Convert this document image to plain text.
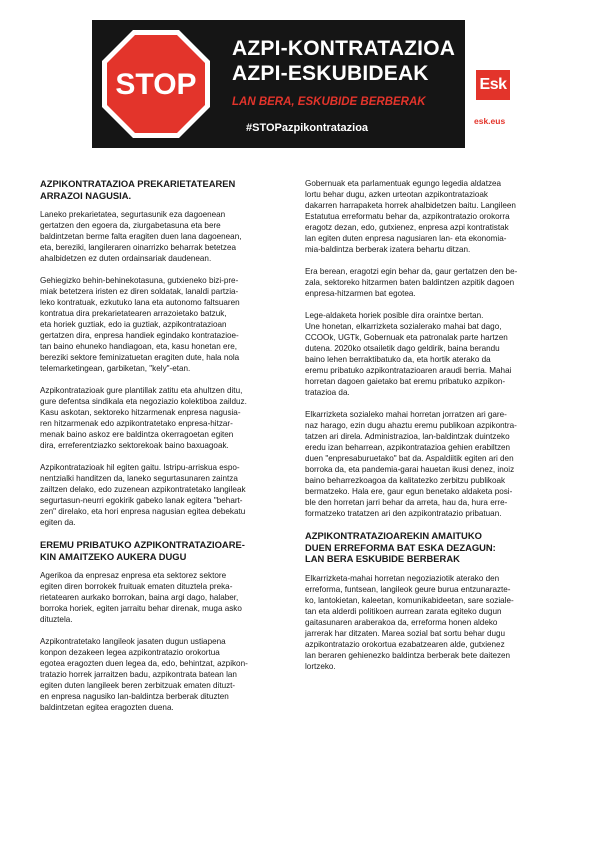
STOP
AZPI-KONTRATAZIOA
AZPI-ESKUBIDEAK
LAN BERA, ESKUBIDE BERBERAK
#STOPazpikontratazioa
Esk
esk.eus
AZPIKONTRATAZIOA PREKARIETATEAREN
ARRAZOI NAGUSIA.

Laneko prekarietatea, segurtasunik eza dagoenean
gertatzen den egoera da, ziurgabetasuna eta bere
baldintzetan berme falta eragiten duen lana dagoenean,
eta, bereziki, langileraren oinarrizko beharrak betetzea
ahalbidetzen ez duten ordainsariak daudenean.

Gehiegizko behin-behinekotasuna, gutxieneko bizi-pre-
miak betetzera iristen ez diren soldatak, lanaldi partzia-
leko kontratuak, ezkutuko lana eta autonomo faltsuaren
kontratua dira prekarietatearen arrazoietako batzuk,
eta horiek guztiak, edo ia guztiak, azpikontratazioan
gertatzen dira, enpresa handiek egindako kontratazioe-
tan baino ehuneko handiagoan, eta, kasu honetan ere,
bereziki sektore feminizatuetan eragiten dute, hala nola
telemarketingean, garbiketan, "kely"-etan.

Azpikontratazioak gure plantillak zatitu eta ahultzen ditu,
gure defentsa sindikala eta negoziazio kolektiboa zailduz.
Kasu askotan, sektoreko hitzarmenak enpresa nagusia-
ren hitzarmenak edo azpikontratetako enpresa-hitzar-
menak baino askoz ere baldintza okerragoetan egiten
dira, erreferentziazko sektorekoak baino baxuagoak.

Azpikontratazioak hil egiten gaitu. Istripu-arriskua espo-
nentzialki handitzen da, laneko segurtasunaren zaintza
zailtzen delako, edo zuzenean azpikontratetako langileak
segurtasun-neurri egokirik gabeko lanak egitera "behart-
zen" direlako, eta hori enpresa nagusian egitea debekatu
egiten da.

EREMU PRIBATUKO AZPIKONTRATAZIOARE-
KIN AMAITZEKO AUKERA DUGU

Agerikoa da enpresaz enpresa eta sektorez sektore
egiten diren borrokek fruituak ematen dituztela preka-
rietatearen aurkako borrokan, baina argi dago, halaber,
borroka horiek, egiten jarraitu behar direnak, muga asko
dituztela.

Azpikontratetako langileok jasaten dugun ustiapena
konpon dezakeen legea azpikontratazio orokortua
egotea eragozten duen legea da, edo, behintzat, azpikon-
tratazio horrek jarraitzen badu, azpikontrata batean lan
egiten duten langileek beren zerbitzuak ematen dituzt-
en enpresa nagusiko lan-baldintza berberak dituzten
baldintzetan egitea eragozten duena.

Gobernuak eta parlamentuak egungo legedia aldatzea
lortu behar dugu, azken urteotan azpikontratazioak
dakarren harrapaketa horrek ahalbidetzen baitu. Langileen
Estatutua erreformatu behar da, azpikontratazio orokorra
eragotz dezan, edo, gutxienez, enpresa azpi kontratistak
lan egiten duten enpresa nagusiaren lan- eta ekonomia-
mia-baldintza berberak izatera behartu ditzan.

Era berean, eragotzi egin behar da, gaur gertatzen den be-
zala, sektoreko hitzarmen baten baldintzen azpitik dagoen
enpresa-hitzarmen bat egotea.

Lege-aldaketa horiek posible dira oraintxe bertan.
Une honetan, elkarrizketa sozialerako mahai bat dago,
CCOOk, UGTk, Gobernuak eta patronalak parte hartzen
dutena. 2020ko otsailetik dago geldirik, baina berandu
baino lehen berraktibatuko da, eta hortik aterako da
eremu pribatuko azpikontratazioaren araudi berria. Mahai
horretan dagoen gaietako bat eremu pribatuko azpikon-
tratazioa da.

Elkarrizketa sozialeko mahai horretan jorratzen ari gare-
naz harago, ezin dugu ahaztu eremu publikoan azpikontra-
tatzen ari direla. Administrazioa, lan-baldintzak duintzeko
eredu izan beharrean, azpikontratazioa gehien erabiltzen
duen "enpresaburuetako" bat da. Aspaldiitik egiten ari den
borroka da, eta pandemia-garai hauetan ikusi denez, inoiz
baino beharrezkoagoa da kalitatezko zerbitzu publikoak
bermatzeko. Hala ere, gaur egun benetako aldaketa posi-
ble den horretan jarri behar da arreta, hau da, hura erre-
formatzeko tratatzen ari den azpikontratazio pribatuan.

AZPIKONTRATAZIOAREKIN AMAITUKO
DUEN ERREFORMA BAT ESKA DEZAGUN:
LAN BERA ESKUBIDE BERBERAK

Elkarrizketa-mahai horretan negoziaziotik aterako den
erreforma, funtsean, langileok geure burua entzunarazte-
ko, lantokietan, kaleetan, komunikabideetan, sare soziale-
tan eta alderdi politikoen aurrean zarata egiteko dugun
gaitasunaren araberakoa da, erreforma honen aldeko
jarrerak har ditzaten. Marea sozial bat sortu behar dugu
azpikontratazio orokortua ezabatzearen alde, gutxienez
lan beraren gehienezko baldintza berberak bete daitezen
lortzeko.
